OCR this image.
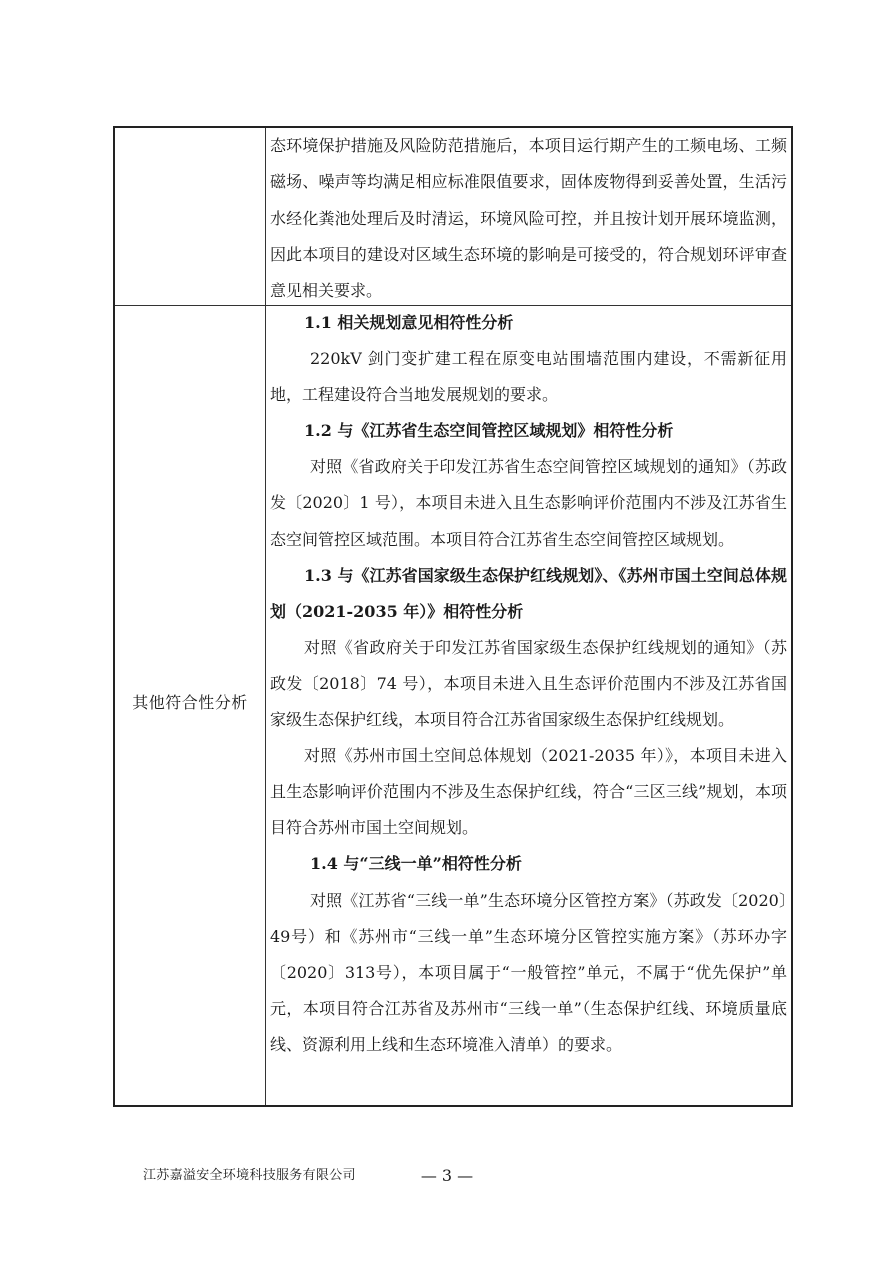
态环境保护措施及风险防范措施后，本项目运行期产生的工频电场、工频磁场、噪声等均满足相应标准限值要求，固体废物得到妥善处置，生活污水经化粪池处理后及时清运，环境风险可控，并且按计划开展环境监测，因此本项目的建设对区域生态环境的影响是可接受的，符合规划环评审查意见相关要求。

其他符合性分析

1.1 相关规划意见相符性分析

220kV 剑门变扩建工程在原变电站围墙范围内建设，不需新征用地，工程建设符合当地发展规划的要求。

1.2 与《江苏省生态空间管控区域规划》相符性分析

对照《省政府关于印发江苏省生态空间管控区域规划的通知》（苏政发〔2020〕1 号），本项目未进入且生态影响评价范围内不涉及江苏省生态空间管控区域范围。本项目符合江苏省生态空间管控区域规划。

1.3 与《江苏省国家级生态保护红线规划》、《苏州市国土空间总体规划（2021-2035 年）》相符性分析

对照《省政府关于印发江苏省国家级生态保护红线规划的通知》（苏政发〔2018〕74 号），本项目未进入且生态评价范围内不涉及江苏省国家级生态保护红线，本项目符合江苏省国家级生态保护红线规划。

对照《苏州市国土空间总体规划（2021-2035 年）》，本项目未进入且生态影响评价范围内不涉及生态保护红线，符合“三区三线”规划，本项目符合苏州市国土空间规划。

1.4 与“三线一单”相符性分析

对照《江苏省“三线一单”生态环境分区管控方案》（苏政发〔2020〕49号）和《苏州市“三线一单”生态环境分区管控实施方案》（苏环办字〔2020〕313号），本项目属于“一般管控”单元，不属于“优先保护”单元，本项目符合江苏省及苏州市“三线一单”（生态保护红线、环境质量底线、资源利用上线和生态环境准入清单）的要求。

江苏嘉溢安全环境科技服务有限公司	— 3 —
